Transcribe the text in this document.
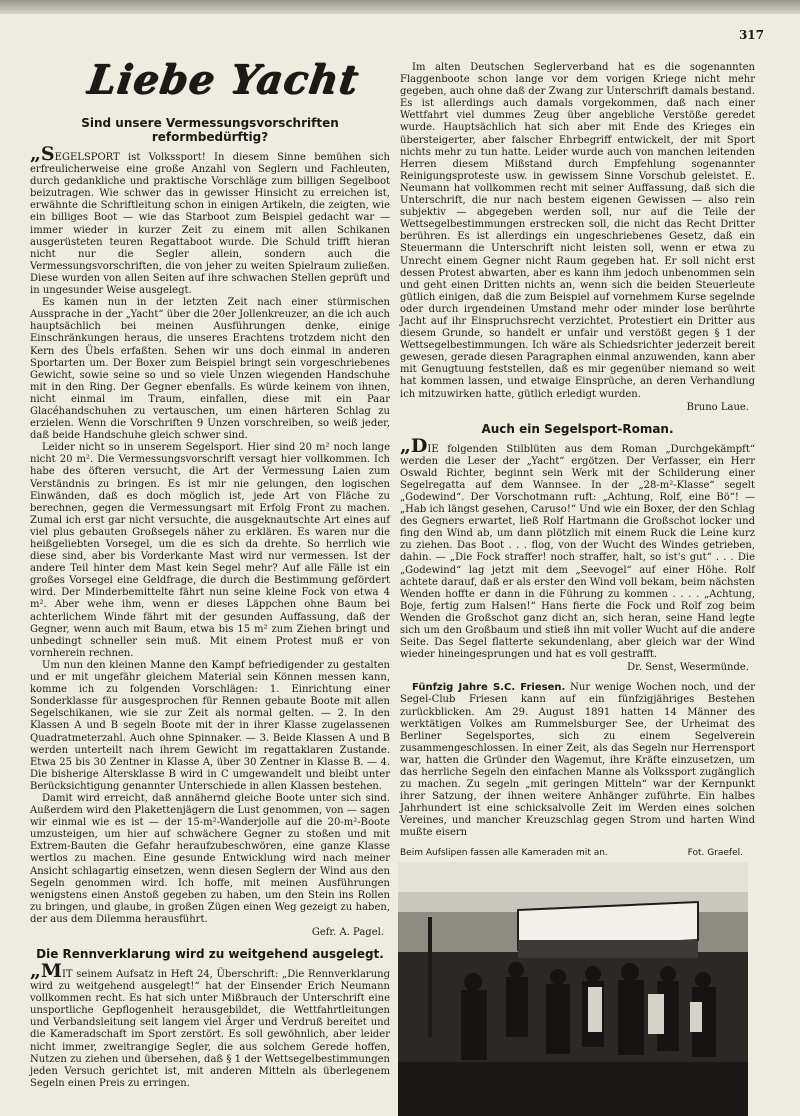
317
Liebe Yacht
Sind unsere Vermessungsvorschriften reformbedürftig?

„SEGELSPORT ist Volkssport! In diesem Sinne bemühen sich erfreulicherweise eine große Anzahl von Seglern und Fachleuten, durch gedankliche und praktische Vorschläge zum billigen Segelboot beizutragen. Wie schwer das in gewisser Hinsicht zu erreichen ist, erwähnte die Schriftleitung schon in einigen Artikeln, die zeigten, wie ein billiges Boot — wie das Starboot zum Beispiel gedacht war — immer wieder in kurzer Zeit zu einem mit allen Schikanen ausgerüsteten teuren Regattaboot wurde. Die Schuld trifft hieran nicht nur die Segler allein, sondern auch die Vermessungsvorschriften, die von jeher zu weiten Spielraum zuließen. Diese wurden von allen Seiten auf ihre schwachen Stellen geprüft und in ungesunder Weise ausgelegt.

Es kamen nun in der letzten Zeit nach einer stürmischen Aussprache in der „Yacht“ über die 20er Jollenkreuzer, an die ich auch hauptsächlich bei meinen Ausführungen denke, einige Einschränkungen heraus, die unseres Erachtens trotzdem nicht den Kern des Übels erfaßten. Sehen wir uns doch einmal in anderen Sportarten um. Der Boxer zum Beispiel bringt sein vorgeschriebenes Gewicht, sowie seine so und so viele Unzen wiegenden Handschuhe mit in den Ring. Der Gegner ebenfalls. Es würde keinem von ihnen, nicht einmal im Traum, einfallen, diese mit ein Paar Glacéhandschuhen zu vertauschen, um einen härteren Schlag zu erzielen. Wenn die Vorschriften 9 Unzen vorschreiben, so weiß jeder, daß beide Handschuhe gleich schwer sind.

Leider nicht so in unserem Segelsport. Hier sind 20 m² noch lange nicht 20 m². Die Vermessungsvorschrift versagt hier vollkommen. Ich habe des öfteren versucht, die Art der Vermessung Laien zum Verständnis zu bringen. Es ist mir nie gelungen, den logischen Einwänden, daß es doch möglich ist, jede Art von Fläche zu berechnen, gegen die Vermessungsart mit Erfolg Front zu machen. Zumal ich erst gar nicht versuchte, die ausgeknautschte Art eines auf viel plus gebauten Großsegels näher zu erklären. Es waren nur die heißgeliebten Vorsegel, um die es sich da drehte. So herrlich wie diese sind, aber bis Vorderkante Mast wird nur vermessen. Ist der andere Teil hinter dem Mast kein Segel mehr? Auf alle Fälle ist ein großes Vorsegel eine Geldfrage, die durch die Bestimmung gefördert wird. Der Minderbemittelte fährt nun seine kleine Fock von etwa 4 m². Aber wehe ihm, wenn er dieses Läppchen ohne Baum bei achterlichem Winde fährt mit der gesunden Auffassung, daß der Gegner, wenn auch mit Baum, etwa bis 15 m² zum Ziehen bringt und unbedingt schneller sein muß. Mit einem Protest muß er von vornherein rechnen.

Um nun den kleinen Manne den Kampf befriedigender zu gestalten und er mit ungefähr gleichem Material sein Können messen kann, komme ich zu folgenden Vorschlägen: 1. Einrichtung einer Sonderklasse für ausgesprochen für Rennen gebaute Boote mit allen Segelschikanen, wie sie zur Zeit als normal gelten. — 2. In den Klassen A und B segeln Boote mit der in ihrer Klasse zugelassenen Quadratmeterzahl. Auch ohne Spinnaker. — 3. Beide Klassen A und B werden unterteilt nach ihrem Gewicht im regattaklaren Zustande. Etwa 25 bis 30 Zentner in Klasse A, über 30 Zentner in Klasse B. — 4. Die bisherige Altersklasse B wird in C umgewandelt und bleibt unter Berücksichtigung genannter Unterschiede in allen Klassen bestehen.

Damit wird erreicht, daß annähernd gleiche Boote unter sich sind. Außerdem wird den Plakettenjägern die Lust genommen, von — sagen wir einmal wie es ist — der 15-m²-Wanderjolle auf die 20-m²-Boote umzusteigen, um hier auf schwächere Gegner zu stoßen und mit Extrem-Bauten die Gefahr heraufzubeschwören, eine ganze Klasse wertlos zu machen. Eine gesunde Entwicklung wird nach meiner Ansicht schlagartig einsetzen, wenn diesen Seglern der Wind aus den Segeln genommen wird. Ich hoffe, mit meinen Ausführungen wenigstens einen Anstoß gegeben zu haben, um den Stein ins Rollen zu bringen, und glaube, in großen Zügen einen Weg gezeigt zu haben, der aus dem Dilemma herausführt.

Gefr. A. Pagel.
Die Rennverklarung wird zu weitgehend ausgelegt.

„MIT seinem Aufsatz in Heft 24, Überschrift: „Die Rennverklarung wird zu weitgehend ausgelegt!“ hat der Einsender Erich Neumann vollkommen recht. Es hat sich unter Mißbrauch der Unterschrift eine unsportliche Gepflogenheit herausgebildet, die Wettfahrtleitungen und Verbandsleitung seit langem viel Ärger und Verdruß bereitet und die Kameradschaft im Sport zerstört. Es soll gewöhnlich, aber leider nicht immer, zweitrangige Segler, die aus solchem Gerede hoffen, Nutzen zu ziehen und übersehen, daß § 1 der Wettsegelbestimmungen jeden Versuch gerichtet ist, mit anderen Mitteln als überlegenem Segeln einen Preis zu erringen.

Im alten Deutschen Seglerverband hat es die sogenannten Flaggenboote schon lange vor dem vorigen Kriege nicht mehr gegeben, auch ohne daß der Zwang zur Unterschrift damals bestand. Es ist allerdings auch damals vorgekommen, daß nach einer Wettfahrt viel dummes Zeug über angebliche Verstöße geredet wurde. Hauptsächlich hat sich aber mit Ende des Krieges ein übersteigerter, aber falscher Ehrbegriff entwickelt, der mit Sport nichts mehr zu tun hatte. Leider wurde auch von manchen leitenden Herren diesem Mißstand durch Empfehlung sogenannter Reinigungsproteste usw. in gewissem Sinne Vorschub geleistet. E. Neumann hat vollkommen recht mit seiner Auffassung, daß sich die Unterschrift, die nur nach bestem eigenen Gewissen — also rein subjektiv — abgegeben werden soll, nur auf die Teile der Wettsegelbestimmungen erstrecken soll, die nicht das Recht Dritter berühren. Es ist allerdings ein ungeschriebenes Gesetz, daß ein Steuermann die Unterschrift nicht leisten soll, wenn er etwa zu Unrecht einem Gegner nicht Raum gegeben hat. Er soll nicht erst dessen Protest abwarten, aber es kann ihm jedoch unbenommen sein und geht einen Dritten nichts an, wenn sich die beiden Steuerleute gütlich einigen, daß die zum Beispiel auf vornehmem Kurse segelnde oder durch irgendeinen Umstand mehr oder minder lose berührte Jacht auf ihr Einspruchsrecht verzichtet. Protestiert ein Dritter aus diesem Grunde, so handelt er unfair und verstößt gegen § 1 der Wettsegelbestimmungen. Ich wäre als Schiedsrichter jederzeit bereit gewesen, gerade diesen Paragraphen einmal anzuwenden, kann aber mit Genugtuung feststellen, daß es mir gegenüber niemand so weit hat kommen lassen, und etwaige Einsprüche, an deren Verhandlung ich mitzuwirken hatte, gütlich erledigt wurden.

Bruno Laue.
Auch ein Segelsport-Roman.

„DIE folgenden Stilblüten aus dem Roman „Durchgekämpft“ werden die Leser der „Yacht“ ergötzen. Der Verfasser, ein Herr Oswald Richter, beginnt sein Werk mit der Schilderung einer Segelregatta auf dem Wannsee. In der „28-m²-Klasse“ segelt „Godewind“. Der Vorschotmann ruft: „Achtung, Rolf, eine Bö“! — „Hab ich längst gesehen, Caruso!“ Und wie ein Boxer, der den Schlag des Gegners erwartet, ließ Rolf Hartmann die Großschot locker und fing den Wind ab, um dann plötzlich mit einem Ruck die Leine kurz zu ziehen. Das Boot . . . flog, von der Wucht des Windes getrieben, dahin. — „Die Fock straffer! noch straffer, halt, so ist's gut“ . . . Die „Godewind“ lag jetzt mit dem „Seevogel“ auf einer Höhe. Rolf achtete darauf, daß er als erster den Wind voll bekam, beim nächsten Wenden hoffte er dann in die Führung zu kommen . . . . „Achtung, Boje, fertig zum Halsen!“ Hans fierte die Fock und Rolf zog beim Wenden die Großschot ganz dicht an, sich heran, seine Hand legte sich um den Großbaum und stieß ihn mit voller Wucht auf die andere Seite. Das Segel flatterte sekundenlang, aber gleich war der Wind wieder hineingesprungen und hat es voll gestrafft.

Dr. Senst, Wesermünde.

Fünfzig Jahre S.C. Friesen. Nur wenige Wochen noch, und der Segel-Club Friesen kann auf ein fünfzigjähriges Bestehen zurückblicken. Am 29. August 1891 hatten 14 Männer des werktätigen Volkes am Rummelsburger See, der Urheimat des Berliner Segelsportes, sich zu einem Segelverein zusammengeschlossen. In einer Zeit, als das Segeln nur Herrensport war, hatten die Gründer den Wagemut, ihre Kräfte einzusetzen, um das herrliche Segeln den einfachen Manne als Volkssport zugänglich zu machen. Zu segeln „mit geringen Mitteln“ war der Kernpunkt ihrer Satzung, der ihnen weitere Anhänger zuführte. Ein halbes Jahrhundert ist eine schicksalvolle Zeit im Werden eines solchen Vereines, und mancher Kreuzschlag gegen Strom und harten Wind mußte eisern

Beim Aufslipen fassen alle Kameraden mit an.	Fot. Graefel.
